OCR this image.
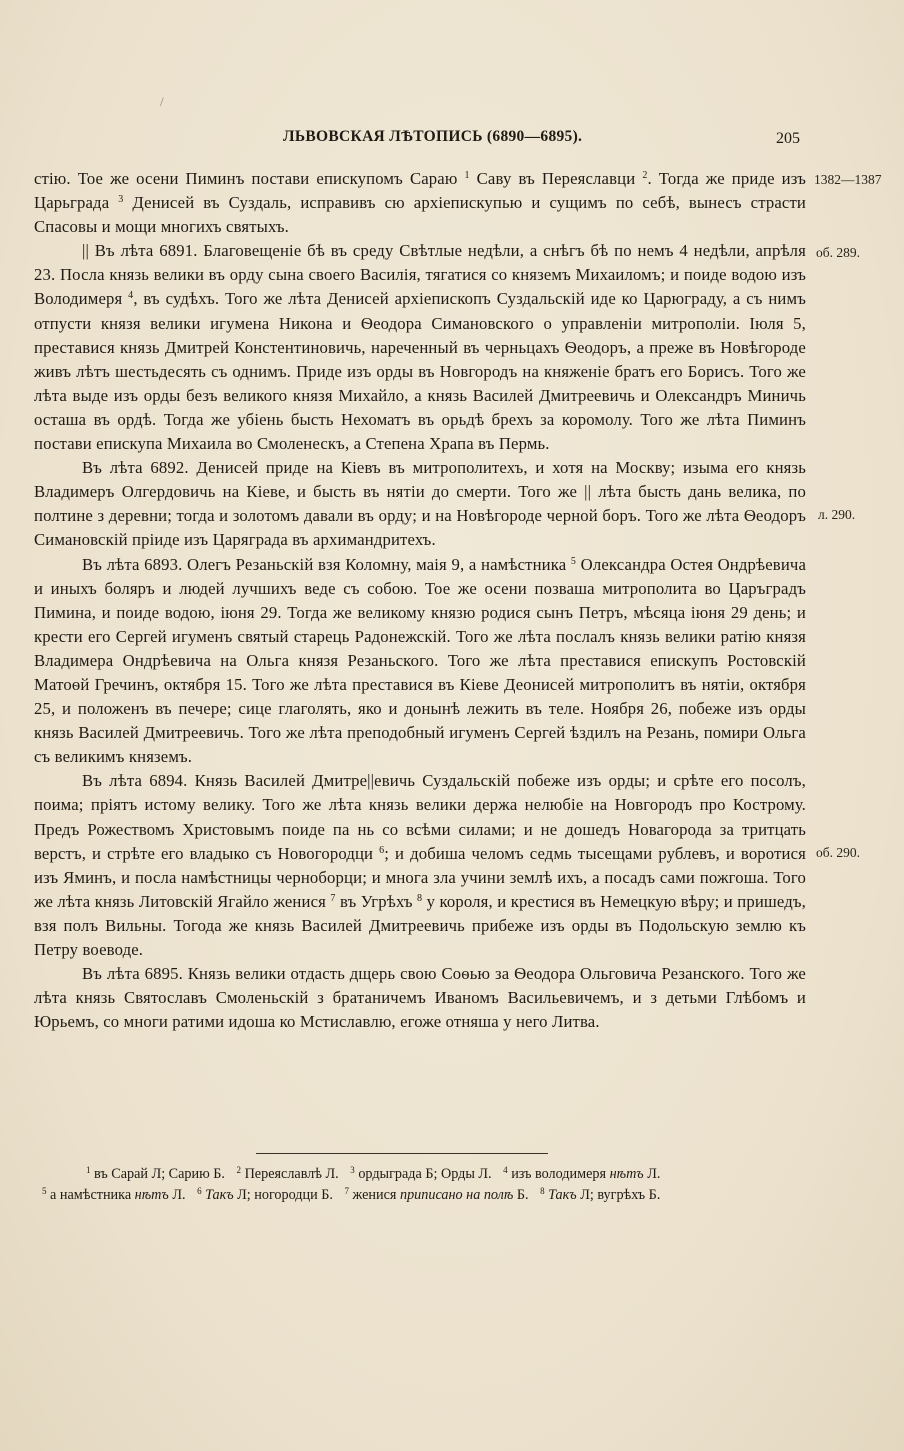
/
ЛЬВОВСКАЯ ЛѢТОПИСЬ (6890—6895).	205
1382—1387
об. 289.
л. 290.
об. 290.

стію. Тое же осени Пиминъ постави епискупомъ Сараю $^1$ Саву въ Переяславци $^2$. Тогда же приде изъ Царьграда $^3$ Денисей въ Суздаль, исправивъ сю архіепискупью и сущимъ по себѣ, вынесъ страсти Спасовы и мощи многихъ святыхъ.

|| Въ лѣта 6891. Благовещеніе бѣ въ среду Свѣтлые недѣли, а снѣгъ бѣ по немъ 4 недѣли, апрѣля 23. Посла князь велики въ орду сына своего Василія, тягатися со княземъ Михаиломъ; и поиде водою изъ Володимеря $^4$, въ судѣхъ. Того же лѣта Денисей архіепископъ Суздальскій иде ко Царюграду, а съ нимъ отпусти князя велики игумена Никона и Ѳеодора Симановского о управленіи митрополіи. Іюля 5, преставися князь Дмитрей Констентиновичь, нареченный въ черньцахъ Ѳеодоръ, а преже въ Новѣгороде живъ лѣтъ шестьдесять съ однимъ. Приде изъ орды въ Новгородъ на княженіе братъ его Борисъ. Того же лѣта выде изъ орды безъ великого князя Михайло, а князь Василей Дмитреевичь и Олександръ Миничь осташа въ ордѣ. Тогда же убіень бысть Нехоматъ въ орьдѣ брехъ за коромолу. Того же лѣта Пиминъ постави епискупа Михаила во Смоленескъ, а Степена Храпа въ Пермь.

Въ лѣта 6892. Денисей приде на Кіевъ въ митрополитехъ, и хотя на Москву; изыма его князь Владимеръ Олгердовичь на Кіеве, и бысть въ нятіи до смерти. Того же || лѣта бысть дань велика, по полтине з деревни; тогда и золотомъ давали въ орду; и на Новѣгороде черной боръ. Того же лѣта Ѳеодоръ Симановскій пріиде изъ Царяграда въ архимандритехъ.

Въ лѣта 6893. Олегъ Резаньскій взя Коломну, маія 9, а намѣстника $^5$ Олександра Остея Ондрѣевича и иныхъ боляръ и людей лучшихъ веде съ собою. Тое же осени позваша митрополита во Царъградъ Пимина, и поиде водою, іюня 29. Тогда же великому князю родися сынъ Петръ, мѣсяца іюня 29 день; и крести его Сергей игуменъ святый старець Радонежскій. Того же лѣта послалъ князь велики ратію князя Владимера Ондрѣевича на Ольга князя Резаньского. Того же лѣта преставися епискупъ Ростовскій Матоѳй Гречинъ, октября 15. Того же лѣта преставися въ Кіеве Деонисей митрополитъ въ нятіи, октября 25, и положенъ въ печере; сице глаголять, яко и донынѣ лежить въ теле. Ноября 26, побеже изъ орды князь Василей Дмитреевичь. Того же лѣта преподобный игуменъ Сергей ѣздилъ на Резань, помири Ольга съ великимъ княземъ.

Въ лѣта 6894. Князь Василей Дмитре||евичь Суздальскій побеже изъ орды; и срѣте его посолъ, поима; пріятъ истому велику. Того же лѣта князь велики держа нелюбіе на Новгородъ про Кострому. Предъ Рожествомъ Христовымъ поиде па нь со всѣми силами; и не дошедъ Новагорода за тритцать верстъ, и стрѣте его владыко съ Новогородци $^6$; и добиша челомъ седмь тысещами рублевъ, и воротися изъ Яминъ, и посла намѣстницы черноборци; и многа зла учини землѣ ихъ, а посадъ сами пожгоша. Того же лѣта князь Литовскій Ягайло женися $^7$ въ Угрѣхъ $^8$ у короля, и крестися въ Немецкую вѣру; и пришедъ, взя полъ Вильны. Тогода же князь Василей Дмитреевичь прибеже изъ орды въ Подольскую землю къ Петру воеводе.

Въ лѣта 6895. Князь велики отдасть дщерь свою Соѳью за Ѳеодора Ольговича Резанского. Того же лѣта князь Святославъ Смоленьскій з братаничемъ Иваномъ Васильевичемъ, и з детьми Глѣбомъ и Юрьемъ, со многи ратими идоша ко Мстиславлю, егоже отняша у него Литва.

$^1$ въ Сарай Л; Сарию Б. $^2$ Переяславлѣ Л. $^3$ ордыграда Б; Орды Л. $^4$ изъ володимеря нѣтъ Л.
$^5$ а намѣстника нѣтъ Л. $^6$ Такъ Л; ногородци Б. $^7$ женися приписано на полѣ Б. $^8$ Такъ Л; вугрѣхъ Б.
